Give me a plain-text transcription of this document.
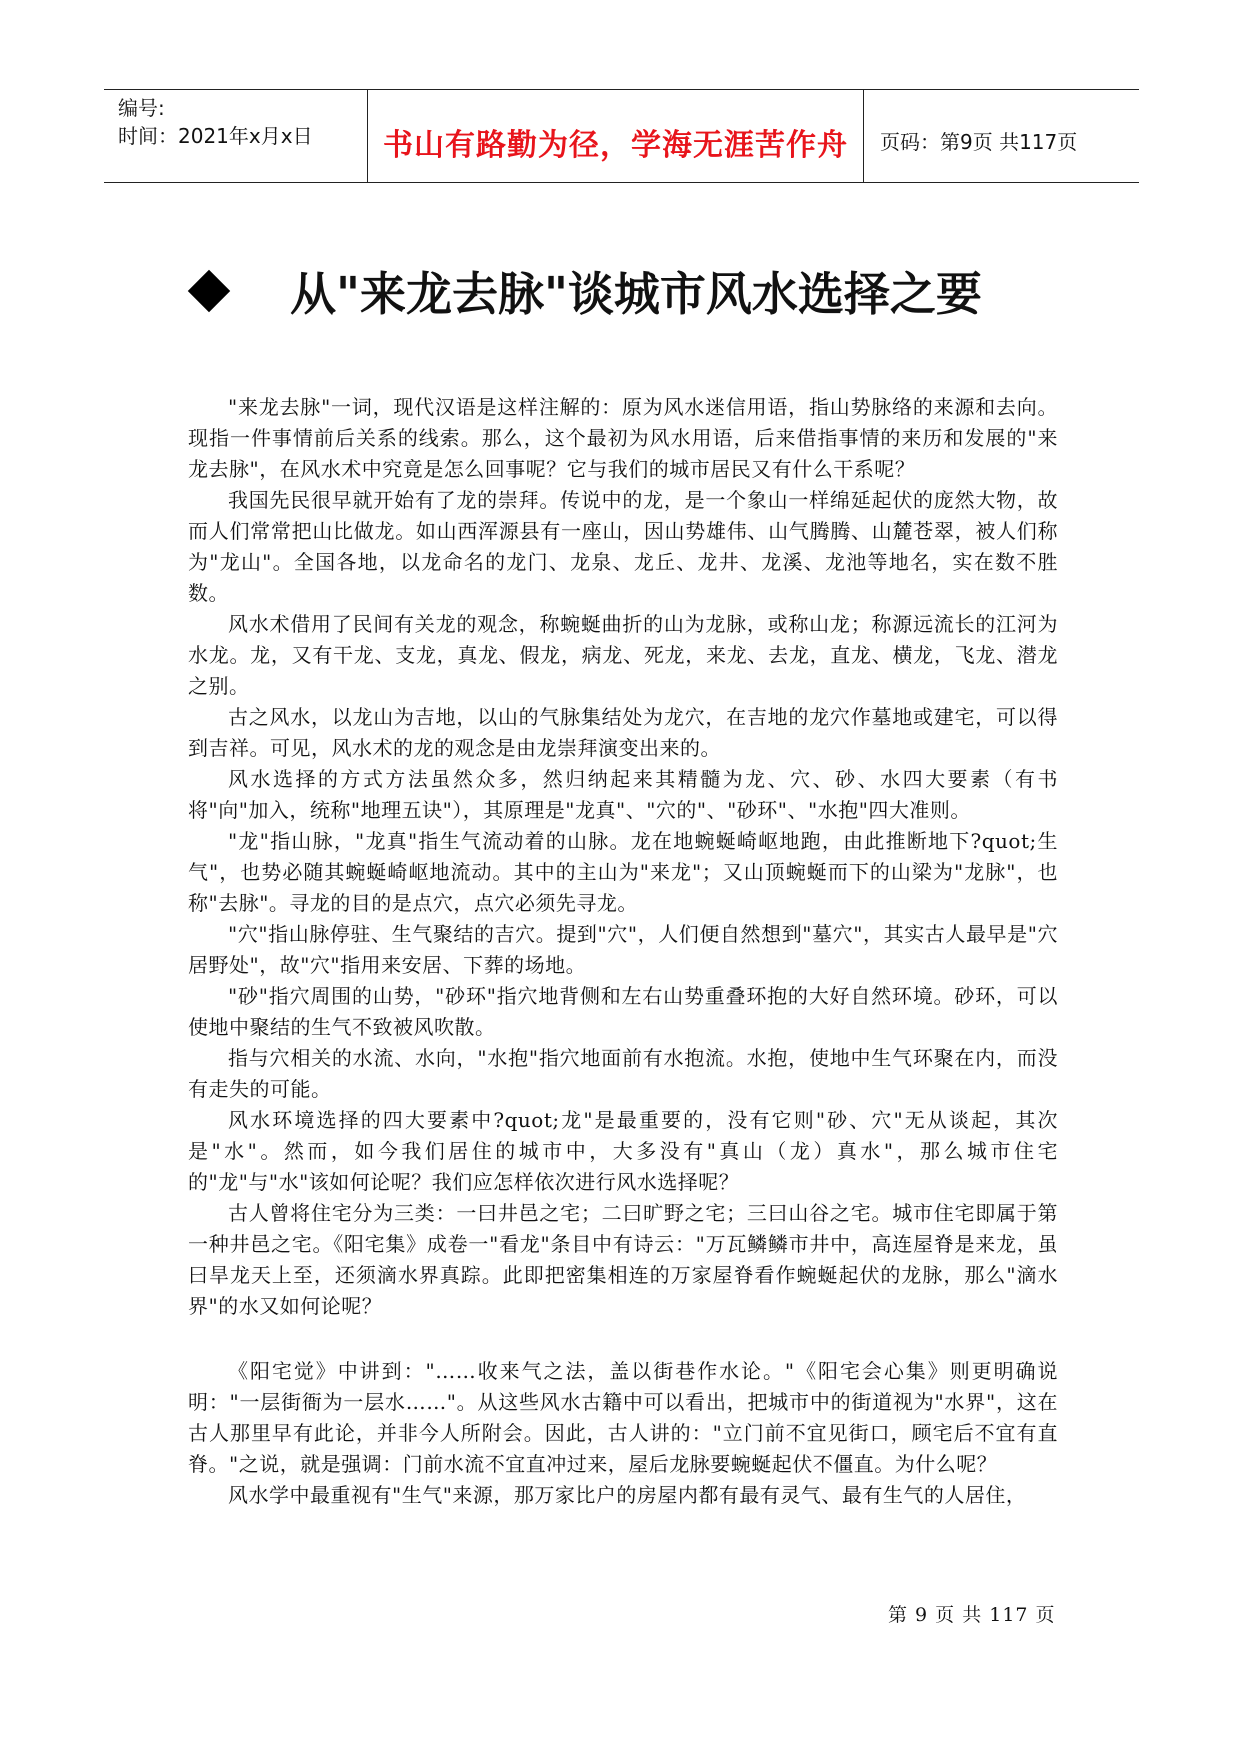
编号:
时间：2021年x月x日	书山有路勤为径，学海无涯苦作舟	页码：第9页 共117页
从"来龙去脉"谈城市风水选择之要

"来龙去脉"一词，现代汉语是这样注解的：原为风水迷信用语，指山势脉络的来源和去向。现指一件事情前后关系的线索。那么，这个最初为风水用语，后来借指事情的来历和发展的"来龙去脉"，在风水术中究竟是怎么回事呢？它与我们的城市居民又有什么干系呢？

我国先民很早就开始有了龙的崇拜。传说中的龙，是一个象山一样绵延起伏的庞然大物，故而人们常常把山比做龙。如山西浑源县有一座山，因山势雄伟、山气腾腾、山麓苍翠，被人们称为"龙山"。全国各地，以龙命名的龙门、龙泉、龙丘、龙井、龙溪、龙池等地名，实在数不胜数。

风水术借用了民间有关龙的观念，称蜿蜒曲折的山为龙脉，或称山龙；称源远流长的江河为水龙。龙，又有干龙、支龙，真龙、假龙，病龙、死龙，来龙、去龙，直龙、横龙，飞龙、潜龙之别。

古之风水，以龙山为吉地，以山的气脉集结处为龙穴，在吉地的龙穴作墓地或建宅，可以得到吉祥。可见，风水术的龙的观念是由龙崇拜演变出来的。

风水选择的方式方法虽然众多，然归纳起来其精髓为龙、穴、砂、水四大要素（有书将"向"加入，统称"地理五诀"），其原理是"龙真"、"穴的"、"砂环"、"水抱"四大准则。

"龙"指山脉，"龙真"指生气流动着的山脉。龙在地蜿蜒崎岖地跑，由此推断地下?quot;生气"，也势必随其蜿蜒崎岖地流动。其中的主山为"来龙"；又山顶蜿蜒而下的山梁为"龙脉"，也称"去脉"。寻龙的目的是点穴，点穴必须先寻龙。

"穴"指山脉停驻、生气聚结的吉穴。提到"穴"，人们便自然想到"墓穴"，其实古人最早是"穴居野处"，故"穴"指用来安居、下葬的场地。

"砂"指穴周围的山势，"砂环"指穴地背侧和左右山势重叠环抱的大好自然环境。砂环，可以使地中聚结的生气不致被风吹散。

指与穴相关的水流、水向，"水抱"指穴地面前有水抱流。水抱，使地中生气环聚在内，而没有走失的可能。

风水环境选择的四大要素中?quot;龙"是最重要的，没有它则"砂、穴"无从谈起，其次是"水"。然而，如今我们居住的城市中，大多没有"真山（龙）真水"，那么城市住宅的"龙"与"水"该如何论呢？我们应怎样依次进行风水选择呢？

古人曾将住宅分为三类：一曰井邑之宅；二曰旷野之宅；三曰山谷之宅。城市住宅即属于第一种井邑之宅。《阳宅集》成卷一"看龙"条目中有诗云："万瓦鳞鳞市井中，高连屋脊是来龙，虽曰旱龙天上至，还须滴水界真踪。此即把密集相连的万家屋脊看作蜿蜒起伏的龙脉，那么"滴水界"的水又如何论呢？

《阳宅觉》中讲到："……收来气之法，盖以街巷作水论。"《阳宅会心集》则更明确说明："一层街衙为一层水……"。从这些风水古籍中可以看出，把城市中的街道视为"水界"，这在古人那里早有此论，并非今人所附会。因此，古人讲的："立门前不宜见街口，顾宅后不宜有直脊。"之说，就是强调：门前水流不宜直冲过来，屋后龙脉要蜿蜒起伏不僵直。为什么呢？

风水学中最重视有"生气"来源，那万家比户的房屋内都有最有灵气、最有生气的人居住，

第 9 页 共 117 页
